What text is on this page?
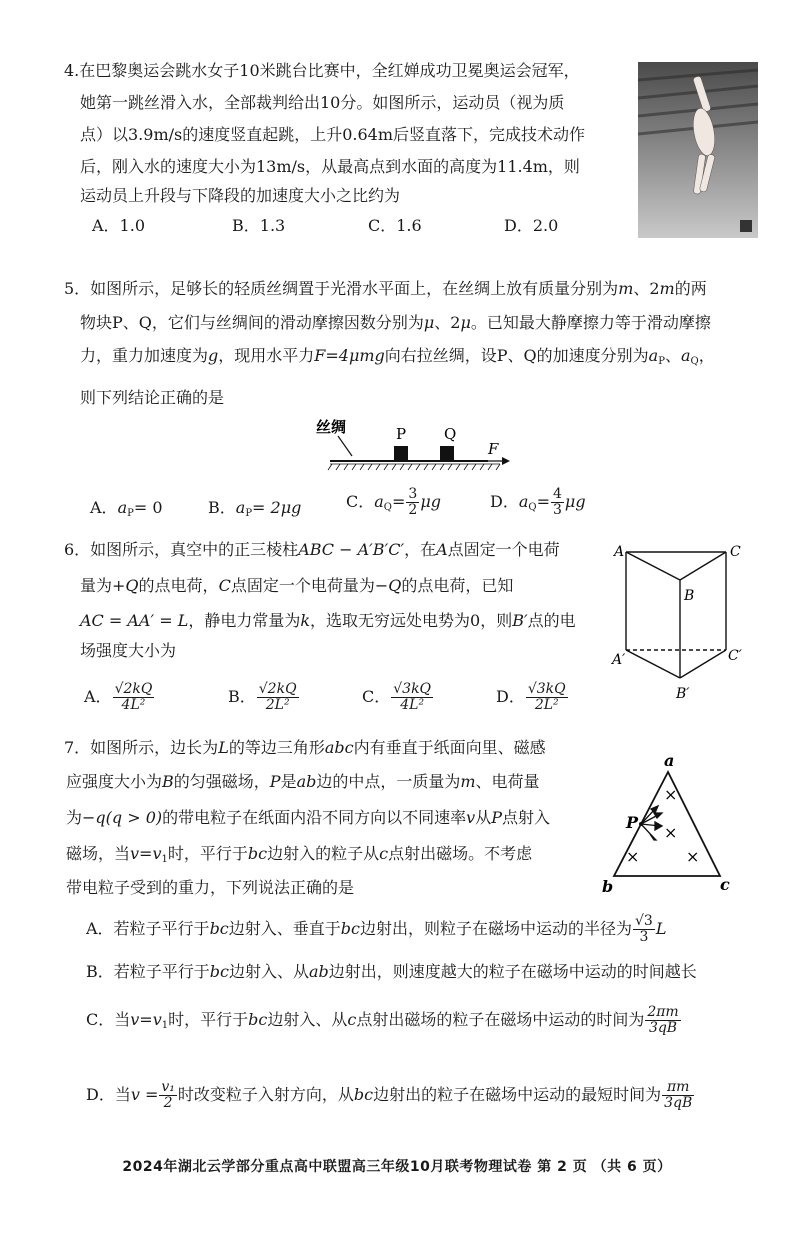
4.在巴黎奥运会跳水女子10米跳台比赛中，全红婵成功卫冕奥运会冠军，
她第一跳丝滑入水，全部裁判给出10分。如图所示，运动员（视为质
点）以3.9m/s的速度竖直起跳，上升0.64m后竖直落下，完成技术动作
后，刚入水的速度大小为13m/s，从最高点到水面的高度为11.4m，则
运动员上升段与下降段的加速度大小之比约为
A．1.0	B．1.3	C．1.6	D．2.0
5．如图所示，足够长的轻质丝绸置于光滑水平面上，在丝绸上放有质量分别为m、2m的两
物块P、Q，它们与丝绸间的滑动摩擦因数分别为μ、2μ。已知最大静摩擦力等于滑动摩擦
力，重力加速度为g，现用水平力F=4μmg向右拉丝绸，设P、Q的加速度分别为$a_P$、$a_Q$，
则下列结论正确的是
丝绸	P	Q
F
A．$a_P= 0$	B．$a_P= 2\mu g$	C．$a_Q= \frac{3}{2}$ μg	D．$a_Q= \frac{4}{3}$ μg
6．如图所示，真空中的正三棱柱ABC − A′B′C′，在A点固定一个电荷
量为+Q的点电荷，C点固定一个电荷量为−Q的点电荷，已知
AC = AA′ = L，静电力常量为k，选取无穷远处电势为0，则B′点的电
场强度大小为
A． $\frac{√2kQ}{\text{4L²}}$	B． $\frac{√2kQ}{\text{2L²}}$	C． $\frac{√3kQ}{\text{4L²}}$	D． $\frac{√3kQ}{\text{2L²}}$
A	C
B
A′	C′
B′
7．如图所示，边长为L的等边三角形abc内有垂直于纸面向里、磁感
应强度大小为B的匀强磁场，P是ab边的中点，一质量为m、电荷量
为−q(q > 0)的带电粒子在纸面内沿不同方向以不同速率v从P点射入
磁场，当$v=v_1$时，平行于bc边射入的粒子从c点射出磁场。不考虑
带电粒子受到的重力，下列说法正确的是
a
b	c
P
×
×
×	×
A．若粒子平行于bc边射入、垂直于bc边射出，则粒子在磁场中运动的半径为 $\frac{√3}{3}$ L
B．若粒子平行于bc边射入、从ab边射出，则速度越大的粒子在磁场中运动的时间越长
C．当$v=v_1$时，平行于bc边射入、从c点射出磁场的粒子在磁场中运动的时间为 $\frac{2\pi m}{3qB}$
D．当$v = \frac{\text{v₁}}{2}$ 时改变粒子入射方向，从bc边射出的粒子在磁场中运动的最短时间为 $\frac{\pi m}{3qB}$
2024年湖北云学部分重点高中联盟高三年级10月联考物理试卷 第 2 页 （共 6 页）
